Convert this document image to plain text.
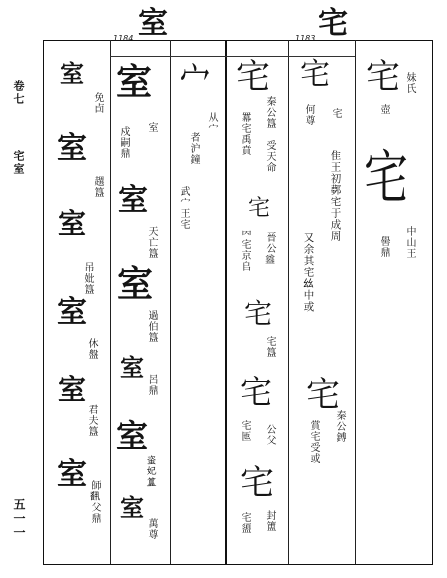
卷七
宅室
五一一
1184 室	1183 宅
室
免卣
室
趩簋
室
吊妣簋
室
休盤
室
君夫簋
室
師𩛥父鼎
室
室
戍嗣鼎
室
天亡簋
室
過伯簋
室
呂鼎
室
𧊒妃簋
室
萬尊
宀
从宀
者沪鐘
武宀王宅
宅
秦公簋
受天命
羃宅禹賁
宅
晉公𥂴
𠔿宅京𠂤
宅
宅簋
宅
宅匜 公父
宅
封簠
宅盨
宅
宅
何尊
隹王初鄸宅于成周
又余其宅𢆶中或
宅
秦公鎛
賞宅受或
宅 妹氏
壺
宅
中山王
嚳鼎
